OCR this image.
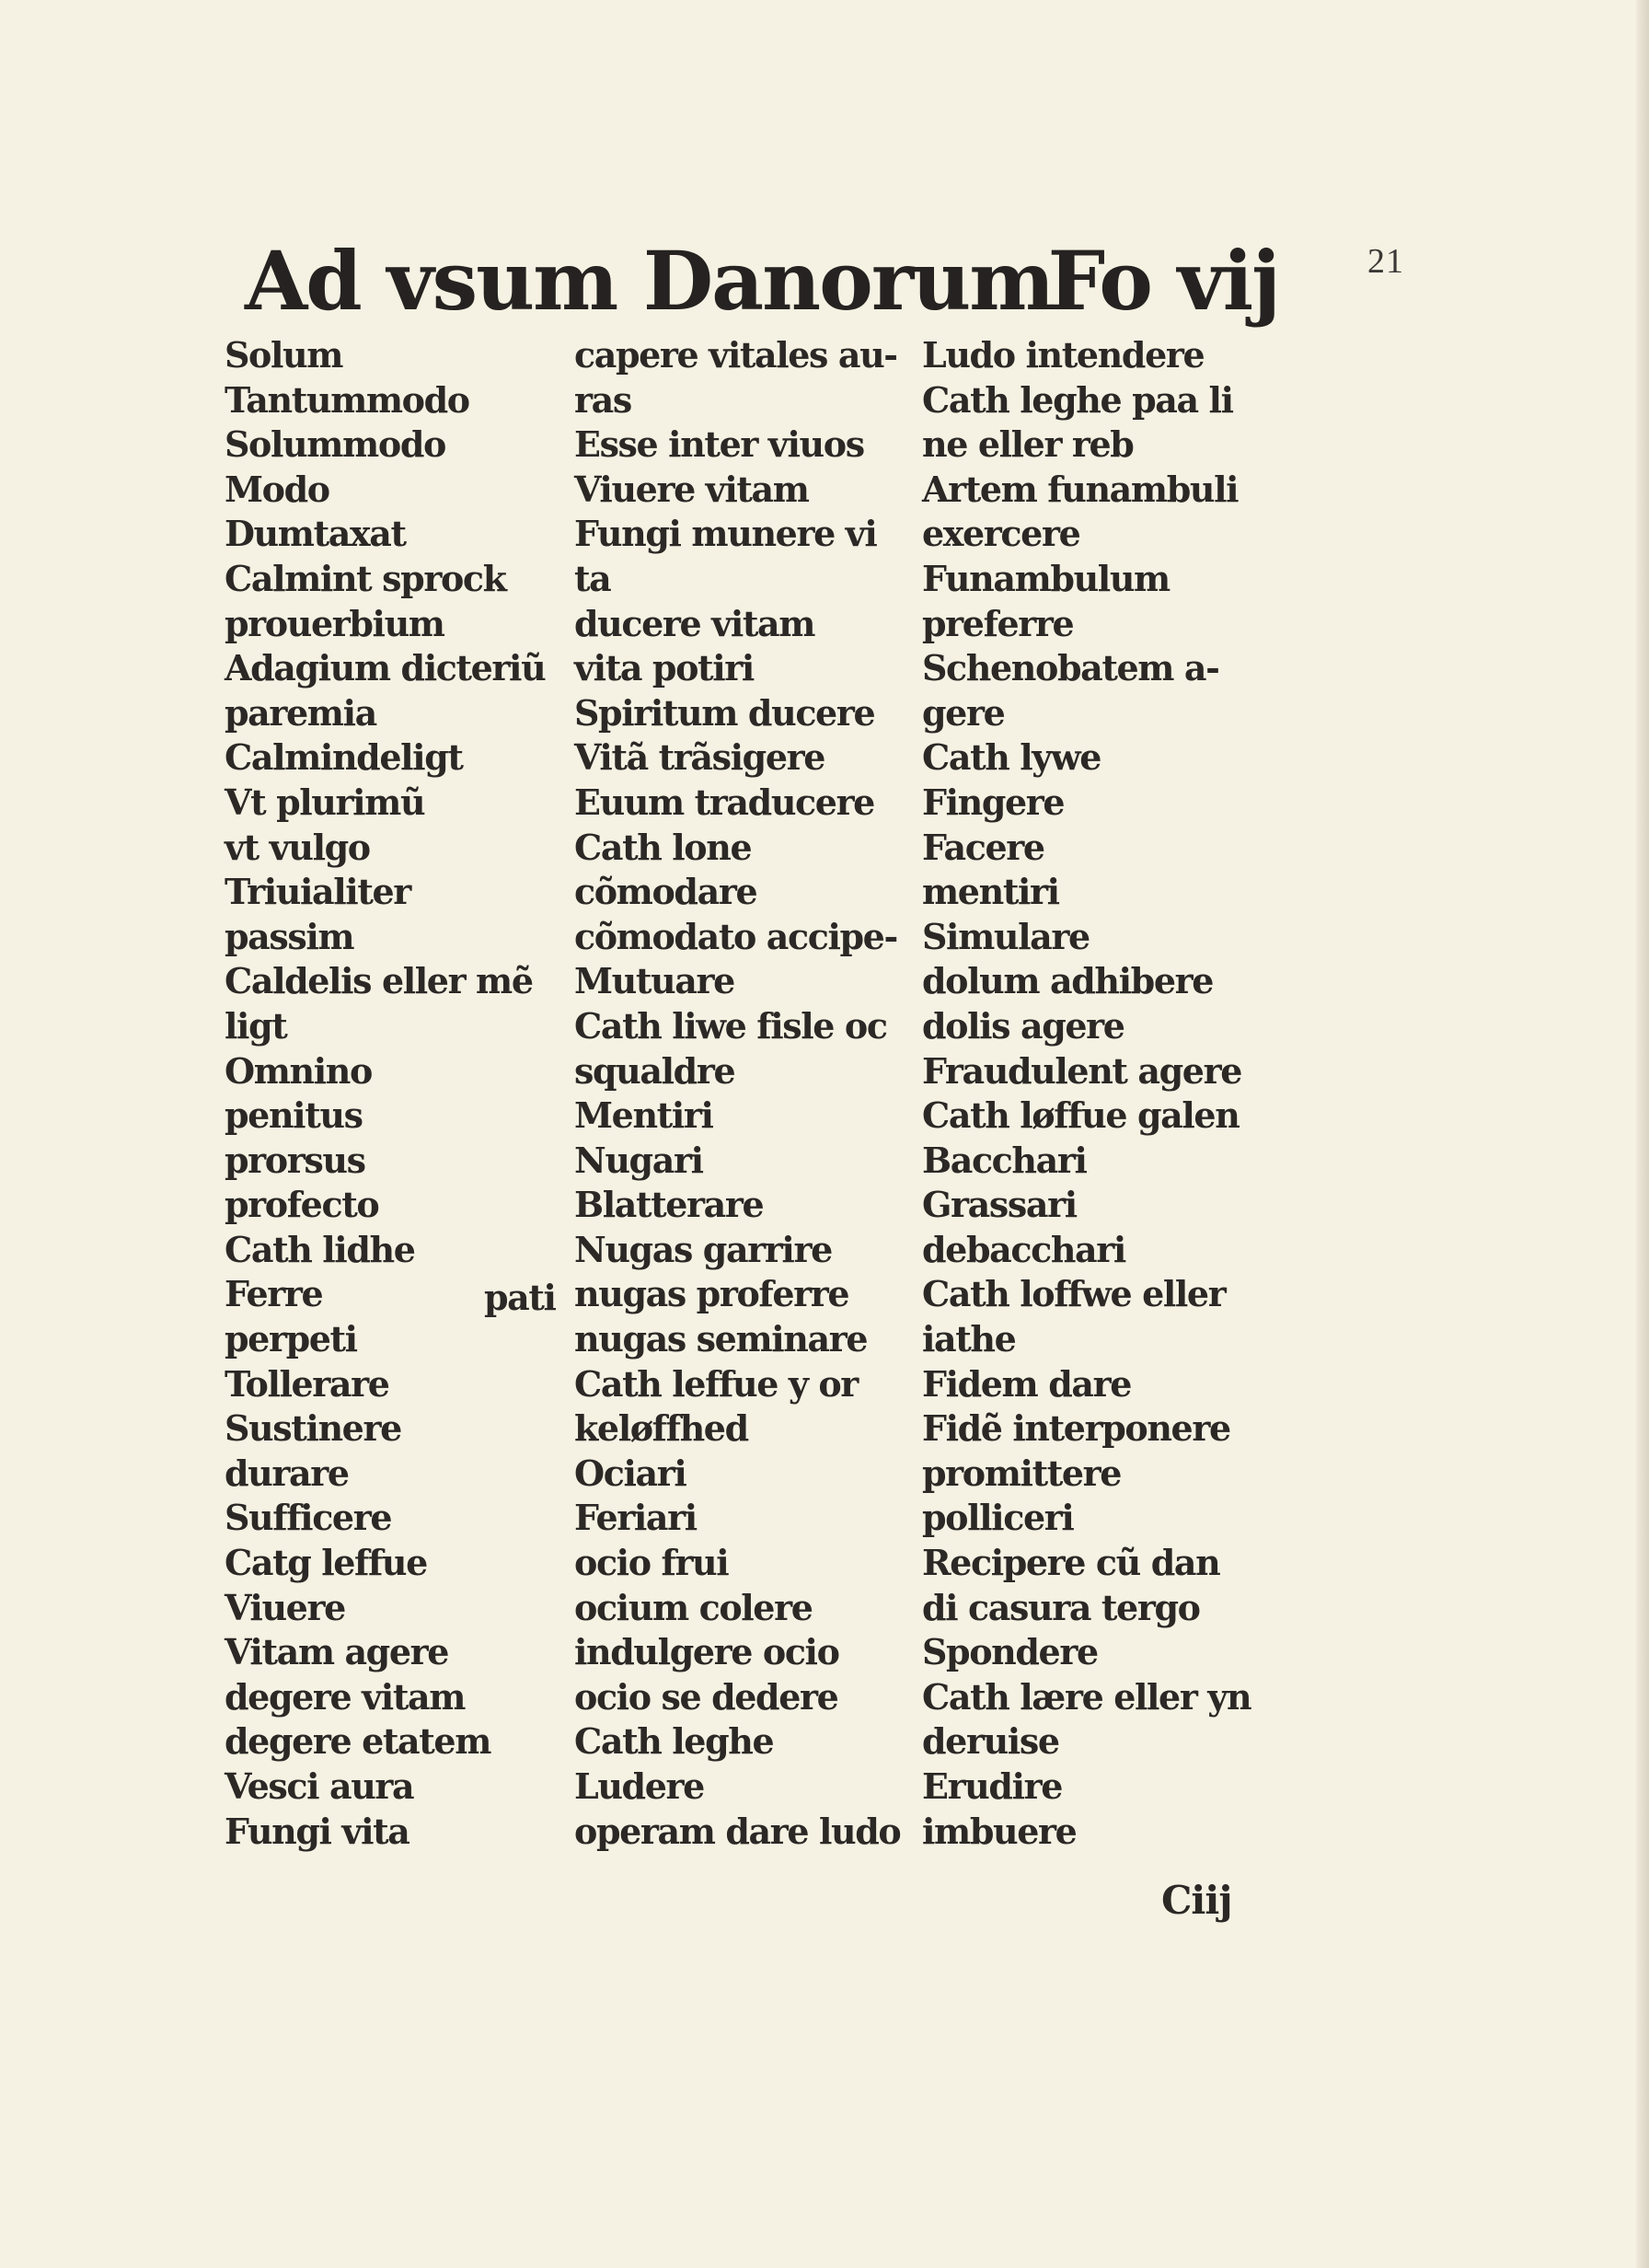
21
Ad vsum Danorum
Fo vij
Solum
Tantummodo
Solummodo
Modo
Dumtaxat
Calmint sprock
prouerbium
Adagium dicteriũ
paremia
Calmindeligt
Vt plurimũ
vt vulgo
Triuialiter
passim
Caldelis eller mẽ
ligt
Omnino
penitus
prorsus
profecto
Cath lidhe
Ferre
perpeti
Tollerare
Sustinere
durare
Sufficere
Catg leffue
Viuere
Vitam agere
degere vitam
degere etatem
Vesci aura
Fungi vita
capere vitales au-
ras
Esse inter viuos
Viuere vitam
Fungi munere vi
ta
ducere vitam
vita potiri
Spiritum ducere
Vitã trãsigere
Euum traducere
Cath lone
cõmodare
cõmodato accipe-
Mutuare
Cath liwe fisle oc
squaldre
Mentiri
Nugari
Blatterare
Nugas garrire
nugas proferre
nugas seminare
Cath leffue y or
keløffhed
Ociari
Feriari
ocio frui
ocium colere
indulgere ocio
ocio se dedere
Cath leghe
Ludere
operam dare ludo
Ludo intendere
Cath leghe paa li
ne eller reb
Artem funambuli
exercere
Funambulum
preferre
Schenobatem a-
gere
Cath lywe
Fingere
Facere
mentiri
Simulare
dolum adhibere
dolis agere
Fraudulent agere
Cath løffue galen
Bacchari
Grassari
debacchari
Cath loffwe eller
iathe
Fidem dare
Fidẽ interponere
promittere
polliceri
Recipere cũ dan
di casura tergo
Spondere
Cath lære eller yn
deruise
Erudire
imbuere
pati
Ciij
